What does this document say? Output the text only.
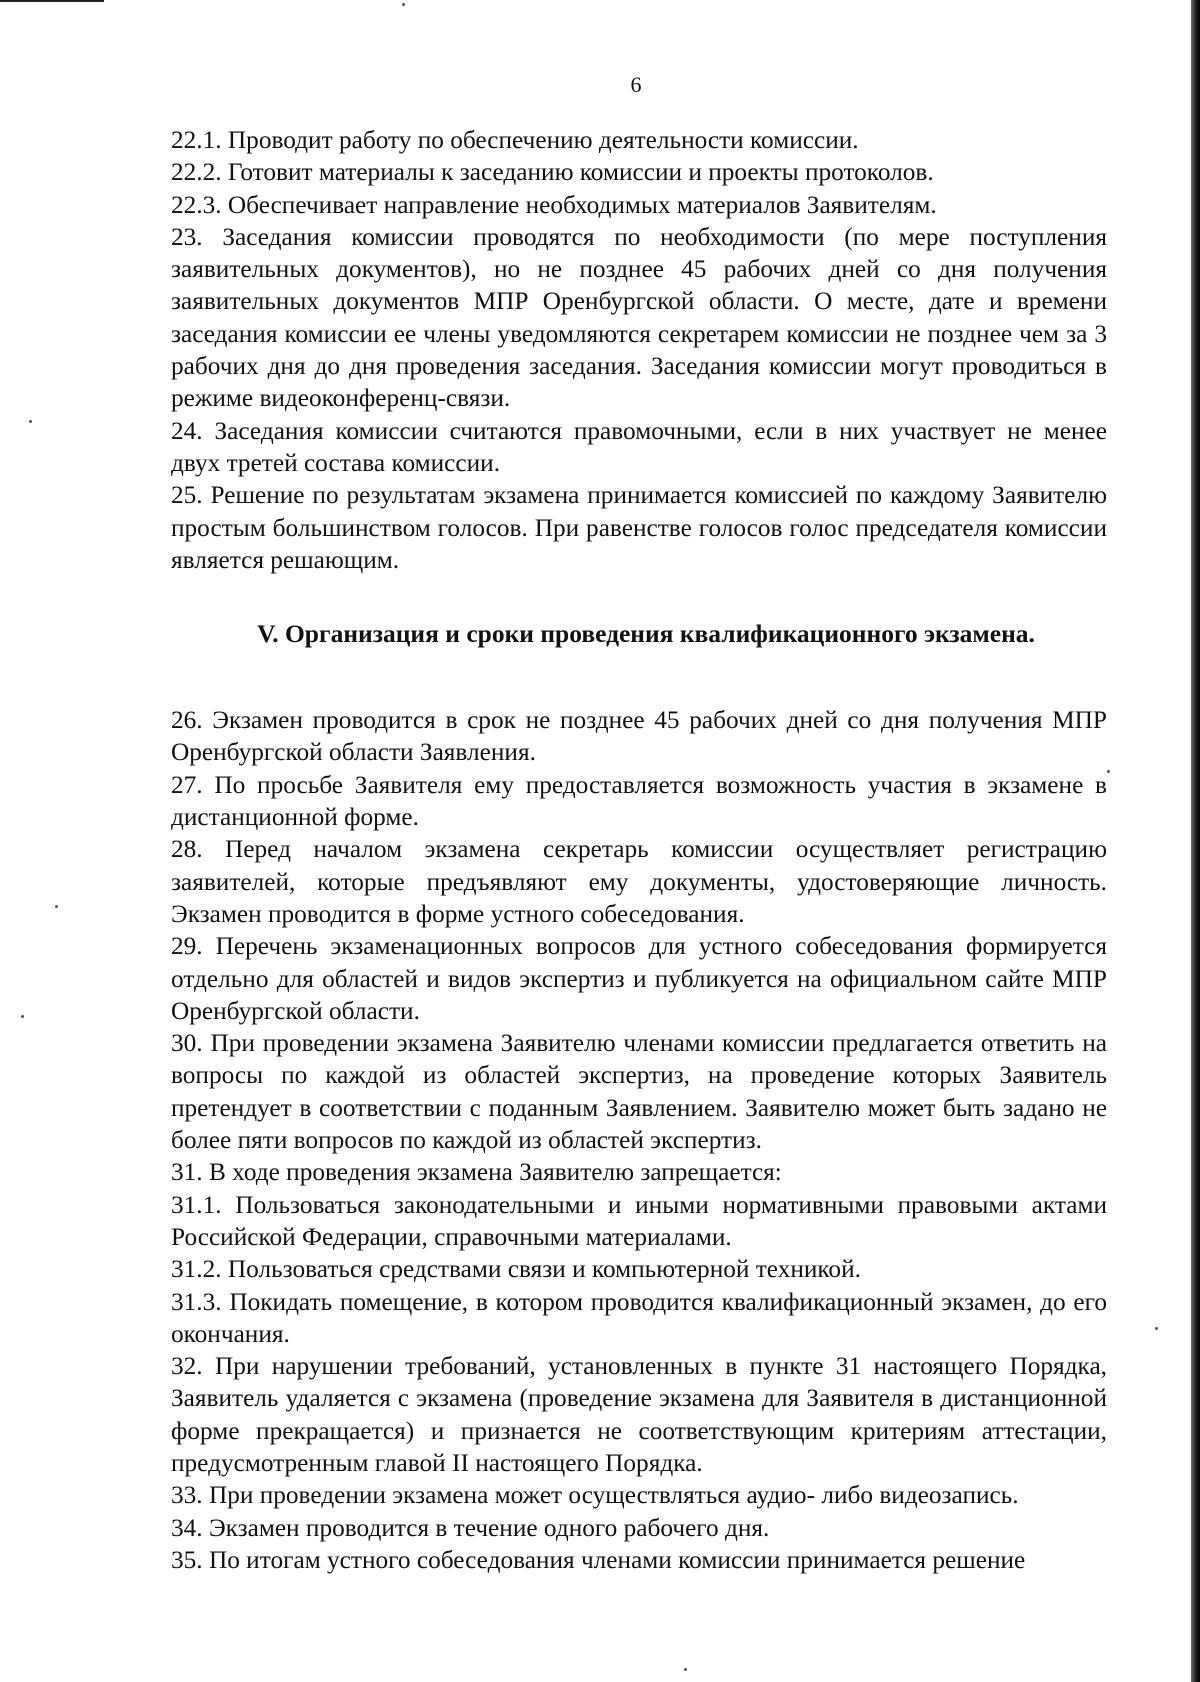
6

22.1. Проводит работу по обеспечению деятельности комиссии.

22.2. Готовит материалы к заседанию комиссии и проекты протоколов.

22.3. Обеспечивает направление необходимых материалов Заявителям.

23. Заседания комиссии проводятся по необходимости (по мере поступления заявительных документов), но не позднее 45 рабочих дней со дня получения заявительных документов МПР Оренбургской области. О месте, дате и времени заседания комиссии ее члены уведомляются секретарем комиссии не позднее чем за 3 рабочих дня до дня проведения заседания. Заседания комиссии могут проводиться в режиме видеоконференц-связи.

24. Заседания комиссии считаются правомочными, если в них участвует не менее двух третей состава комиссии.

25. Решение по результатам экзамена принимается комиссией по каждому Заявителю простым большинством голосов. При равенстве голосов голос председателя комиссии является решающим.

V. Организация и сроки проведения квалификационного экзамена.

26. Экзамен проводится в срок не позднее 45 рабочих дней со дня получения МПР Оренбургской области Заявления.

27. По просьбе Заявителя ему предоставляется возможность участия в экзамене в дистанционной форме.

28. Перед началом экзамена секретарь комиссии осуществляет регистрацию заявителей, которые предъявляют ему документы, удостоверяющие личность. Экзамен проводится в форме устного собеседования.

29. Перечень экзаменационных вопросов для устного собеседования формируется отдельно для областей и видов экспертиз и публикуется на официальном сайте МПР Оренбургской области.

30. При проведении экзамена Заявителю членами комиссии предлагается ответить на вопросы по каждой из областей экспертиз, на проведение которых Заявитель претендует в соответствии с поданным Заявлением. Заявителю может быть задано не более пяти вопросов по каждой из областей экспертиз.

31. В ходе проведения экзамена Заявителю запрещается:

31.1. Пользоваться законодательными и иными нормативными правовыми актами Российской Федерации, справочными материалами.

31.2. Пользоваться средствами связи и компьютерной техникой.

31.3. Покидать помещение, в котором проводится квалификационный экзамен, до его окончания.

32. При нарушении требований, установленных в пункте 31 настоящего Порядка, Заявитель удаляется с экзамена (проведение экзамена для Заявителя в дистанционной форме прекращается) и признается не соответствующим критериям аттестации, предусмотренным главой II настоящего Порядка.

33. При проведении экзамена может осуществляться аудио- либо видеозапись.

34. Экзамен проводится в течение одного рабочего дня.

35. По итогам устного собеседования членами комиссии принимается решение
